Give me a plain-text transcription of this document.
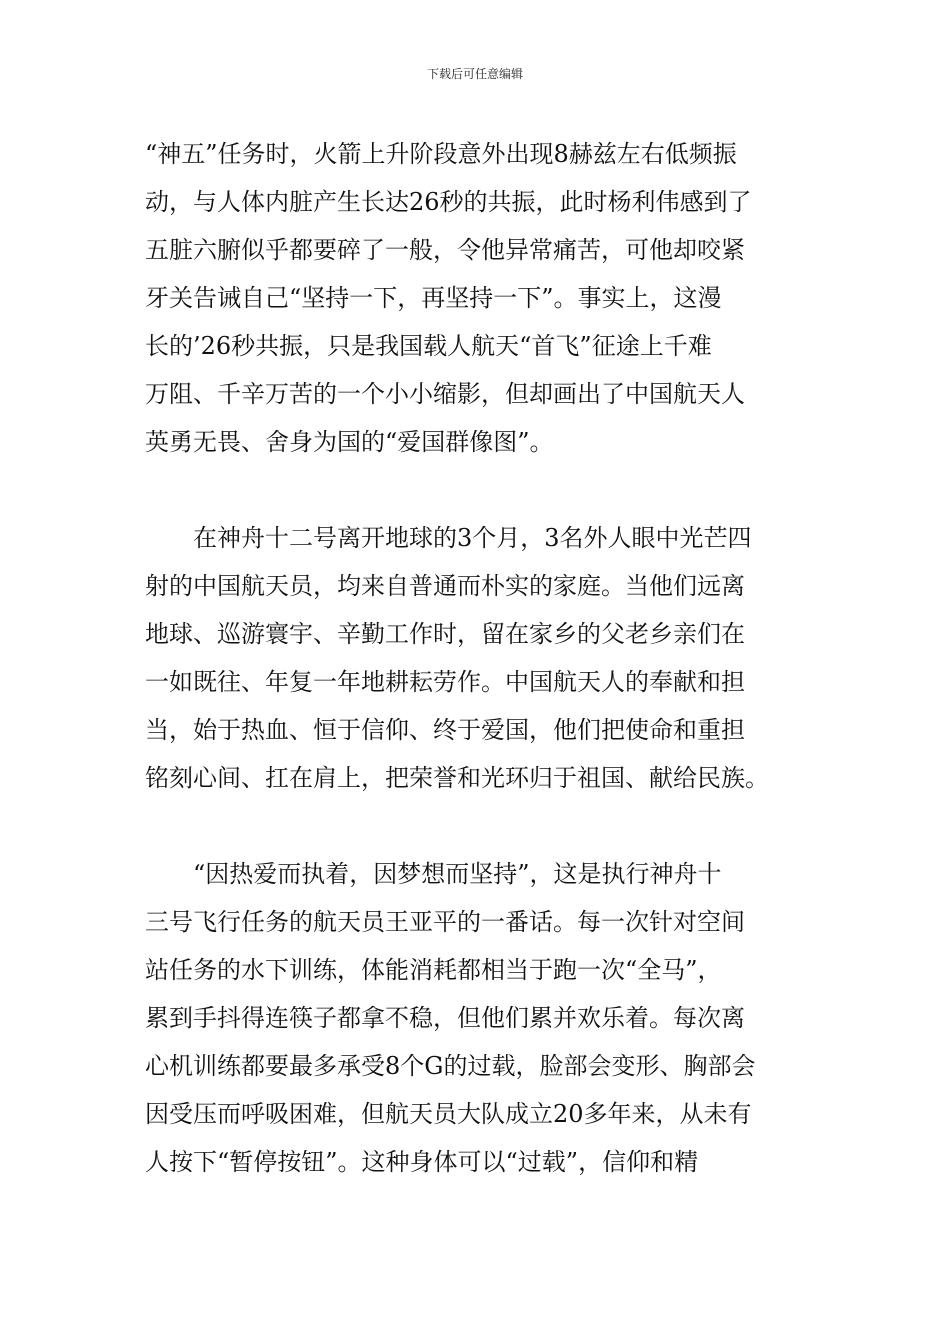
下载后可任意编辑

“神五”任务时，火箭上升阶段意外出现8赫兹左右低频振
动，与人体内脏产生长达26秒的共振，此时杨利伟感到了
五脏六腑似乎都要碎了一般，令他异常痛苦，可他却咬紧
牙关告诫自己“坚持一下，再坚持一下”。事实上，这漫
长的’26秒共振，只是我国载人航天“首飞”征途上千难
万阻、千辛万苦的一个小小缩影，但却画出了中国航天人
英勇无畏、舍身为国的“爱国群像图”。

　　在神舟十二号离开地球的3个月，3名外人眼中光芒四
射的中国航天员，均来自普通而朴实的家庭。当他们远离
地球、巡游寰宇、辛勤工作时，留在家乡的父老乡亲们在
一如既往、年复一年地耕耘劳作。中国航天人的奉献和担
当，始于热血、恒于信仰、终于爱国，他们把使命和重担
铭刻心间、扛在肩上，把荣誉和光环归于祖国、献给民族。

　　“因热爱而执着，因梦想而坚持”，这是执行神舟十
三号飞行任务的航天员王亚平的一番话。每一次针对空间
站任务的水下训练，体能消耗都相当于跑一次“全马”，
累到手抖得连筷子都拿不稳，但他们累并欢乐着。每次离
心机训练都要最多承受8个G的过载，脸部会变形、胸部会
因受压而呼吸困难，但航天员大队成立20多年来，从未有
人按下“暂停按钮”。这种身体可以“过载”，信仰和精
